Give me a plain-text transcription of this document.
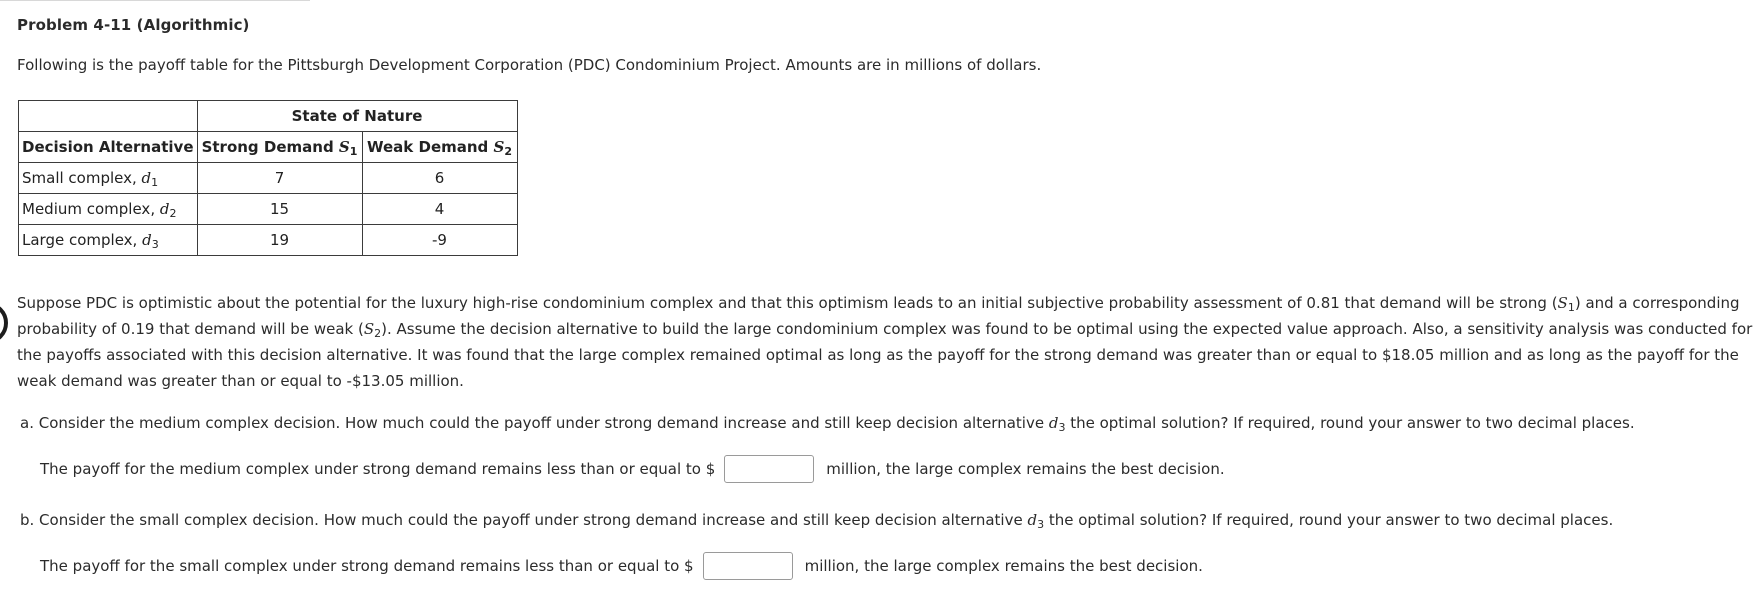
Problem 4-11 (Algorithmic)
Following is the payoff table for the Pittsburgh Development Corporation (PDC) Condominium Project. Amounts are in millions of dollars.
	State of Nature	
Decision Alternative	Strong Demand $S_1$	Weak Demand $S_2$
Small complex, $d_1$	7	6
Medium complex, $d_2$	15	4
Large complex, $d_3$	19	-9
Suppose PDC is optimistic about the potential for the luxury high-rise condominium complex and that this optimism leads to an initial subjective probability assessment of 0.81 that demand will be strong $(S_1)$ and a corresponding
probability of 0.19 that demand will be weak $(S_2)$. Assume the decision alternative to build the large condominium complex was found to be optimal using the expected value approach. Also, a sensitivity analysis was conducted for
the payoffs associated with this decision alternative. It was found that the large complex remained optimal as long as the payoff for the strong demand was greater than or equal to $18.05 million and as long as the payoff for the
weak demand was greater than or equal to -$13.05 million.
a. Consider the medium complex decision. How much could the payoff under strong demand increase and still keep decision alternative $d_3$ the optimal solution? If required, round your answer to two decimal places.
The payoff for the medium complex under strong demand remains less than or equal to $	million, the large complex remains the best decision.
b. Consider the small complex decision. How much could the payoff under strong demand increase and still keep decision alternative $d_3$ the optimal solution? If required, round your answer to two decimal places.
The payoff for the small complex under strong demand remains less than or equal to $	million, the large complex remains the best decision.
